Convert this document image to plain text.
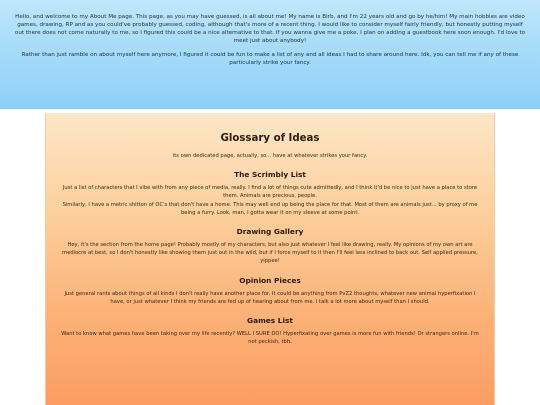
Hello, and welcome to my About Me page. This page, as you may have guessed, is all about me! My name is Birb, and I'm 22 years old and go by he/him! My main hobbies are video games, drawing, RP and as you could've probably guessed, coding, although that's more of a recent thing. I would like to consider myself fairly friendly, but honestly putting myself out there does not come naturally to me, so I figured this could be a nice alternative to that. If you wanna give me a poke, I plan on adding a guestbook here soon enough. I'd love to meet just about anybody!

Rather than just ramble on about myself here anymore, I figured it could be fun to make a list of any and all ideas I had to share around here. Idk, you can tell me if any of these particularly strike your fancy.

Glossary of Ideas

its own dedicated page, actually, so... have at whatever strikes your fancy.

The Scrimbly List

Just a list of characters that I vibe with from any piece of media, really. I find a lot of things cute admittedly, and I think it'd be nice to just have a place to store them. Animals are precious, people.

Similarly, I have a metric shitton of OC's that don't have a home. This may well end up being the place for that. Most of them are animals just... by proxy of me being a furry. Look, man, I gotta wear it on my sleeve at some point.

Drawing Gallery

Hey, it's the section from the home page! Probably mostly of my characters, but also just whatever I feel like drawing, really. My opinions of my own art are mediocre at best, so I don't honestly like showing them just out in the wild, but if I force myself to it then I'll feel less inclined to back out. Self applied pressure, yippee!

Opinion Pieces

Just general rants about things of all kinds I don't really have another place for. It could be anything from PvZ2 thoughts, whatever new animal hyperfixation I have, or just whatever I think my friends are fed up of hearing about from me. I talk a lot more about myself than I should.

Games List

Want to know what games have been taking over my life recently? WELL I SURE DO! Hyperfixating over games is more fun with friends! Or strangers online. I'm not peckish, tbh.
